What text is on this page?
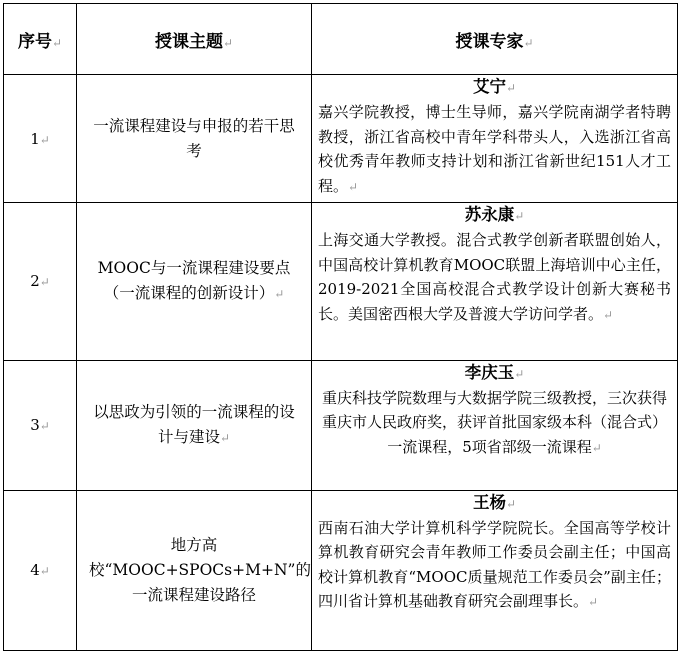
序号↵	授课主题↵	授课专家↵
1↵	一流课程建设与申报的若干思考	艾宁↵
嘉兴学院教授，博士生导师，嘉兴学院南湖学者特聘教授，浙江省高校中青年学科带头人，入选浙江省高校优秀青年教师支持计划和浙江省新世纪151人才工程。↵

2↵	MOOC与一流课程建设要点（一流课程的创新设计）↵	苏永康↵
上海交通大学教授。混合式教学创新者联盟创始人，中国高校计算机教育MOOC联盟上海培训中心主任，2019-2021全国高校混合式教学设计创新大赛秘书长。美国密西根大学及普渡大学访问学者。↵

3↵	以思政为引领的一流课程的设计与建设↵	李庆玉↵
重庆科技学院数理与大数据学院三级教授，三次获得重庆市人民政府奖，获评首批国家级本科（混合式）一流课程，5项省部级一流课程↵

4↵	地方高校“MOOC+SPOCs+M+N”的一流课程建设路径	王杨↵
西南石油大学计算机科学学院院长。全国高等学校计算机教育研究会青年教师工作委员会副主任；中国高校计算机教育“MOOC质量规范工作委员会”副主任；四川省计算机基础教育研究会副理事长。↵
